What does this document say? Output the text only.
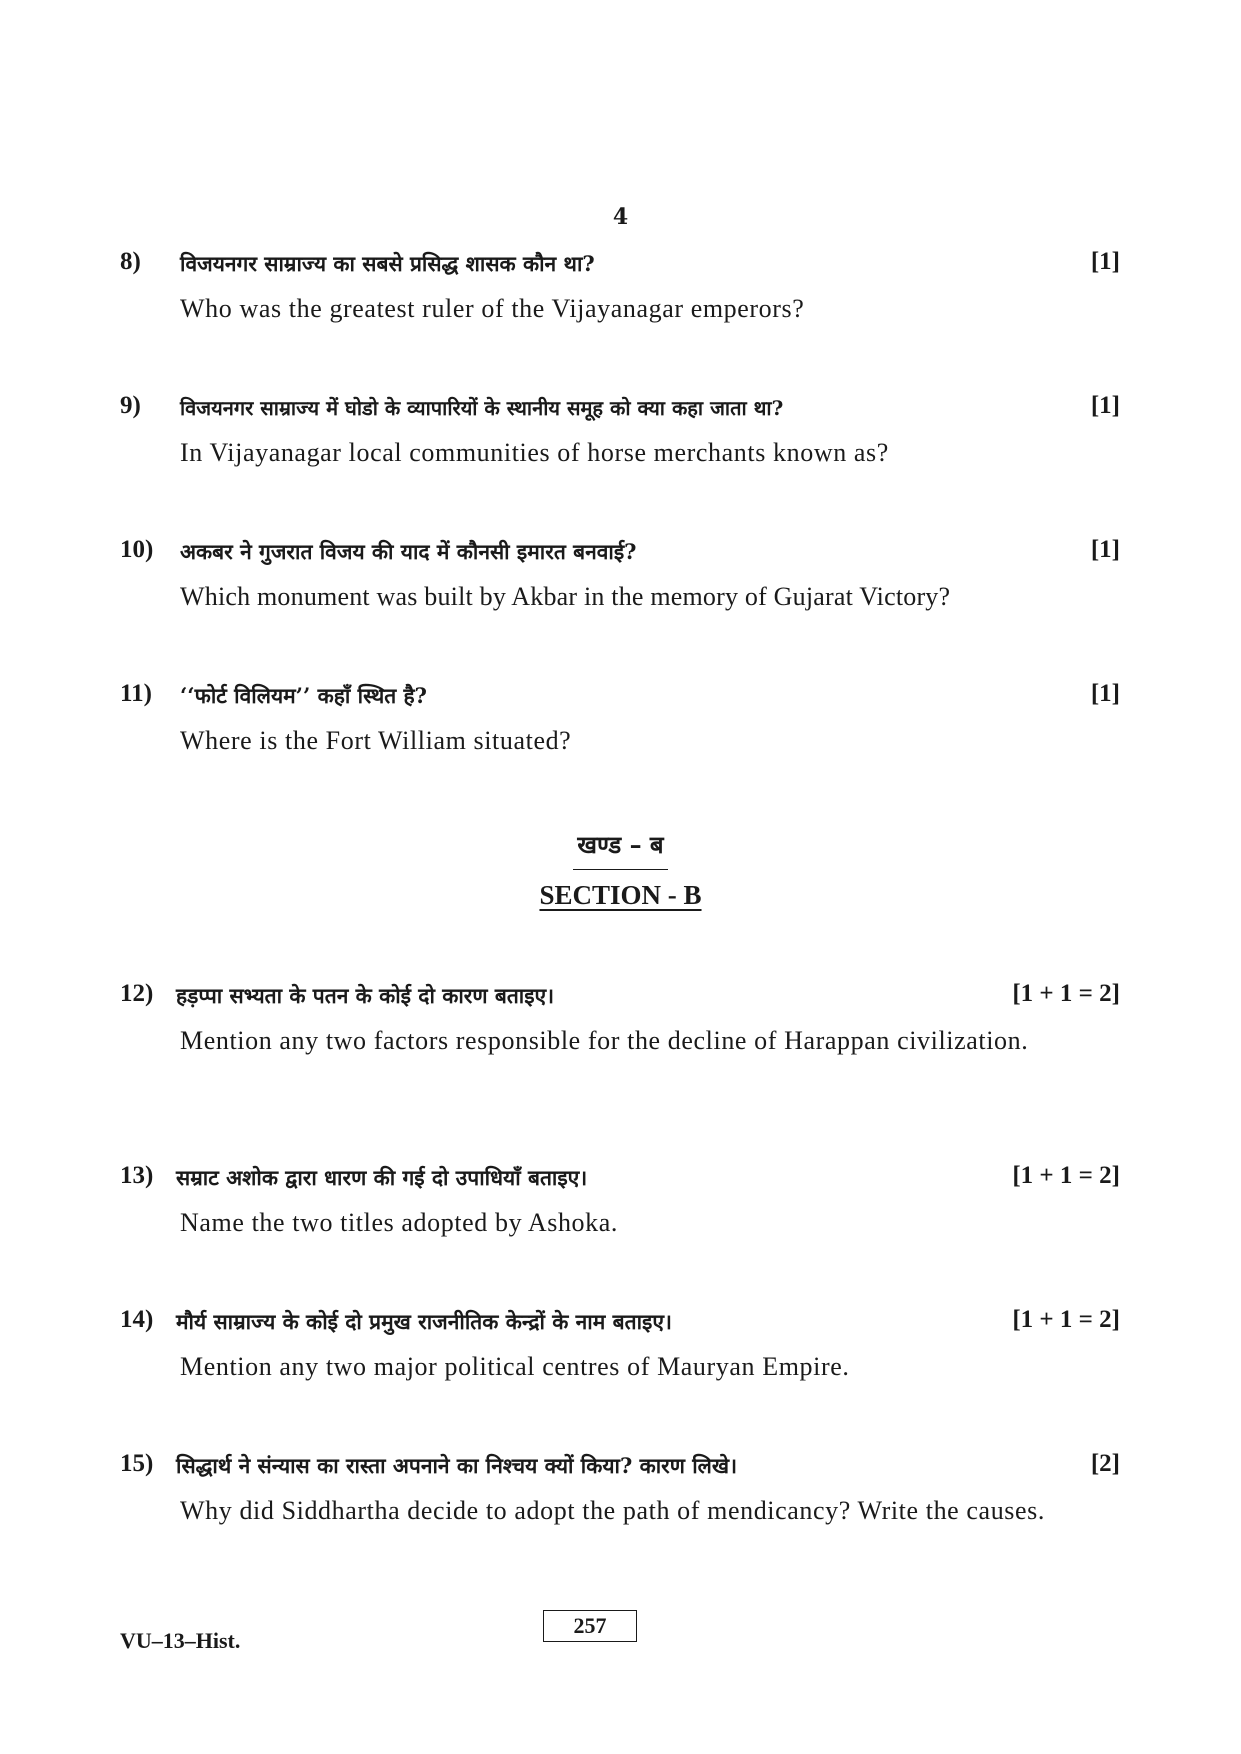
4
8) विजयनगर साम्राज्य का सबसे प्रसिद्ध शासक कौन था?	[1]
Who was the greatest ruler of the Vijayanagar emperors?
9) विजयनगर साम्राज्य में घोडो के व्यापारियों के स्थानीय समूह को क्या कहा जाता था?	[1]
In Vijayanagar local communities of horse merchants known as?
10) अकबर ने गुजरात विजय की याद में कौनसी इमारत बनवाई?	[1]
Which monument was built by Akbar in the memory of Gujarat Victory?
11) ‘‘फोर्ट विलियम’’ कहाँ स्थित है?	[1]
Where is the Fort William situated?
खण्ड – ब
SECTION - B
12) हड़प्पा सभ्यता के पतन के कोई दो कारण बताइए।	[1 + 1 = 2]
Mention any two factors responsible for the decline of Harappan civilization.
13) सम्राट अशोक द्वारा धारण की गई दो उपाधियाँ बताइए।	[1 + 1 = 2]
Name the two titles adopted by Ashoka.
14) मौर्य साम्राज्य के कोई दो प्रमुख राजनीतिक केन्द्रों के नाम बताइए।	[1 + 1 = 2]
Mention any two major political centres of Mauryan Empire.
15) सिद्धार्थ ने संन्यास का रास्ता अपनाने का निश्चय क्यों किया? कारण लिखे।	[2]
Why did Siddhartha decide to adopt the path of mendicancy? Write the causes.
VU–13–Hist.
257
